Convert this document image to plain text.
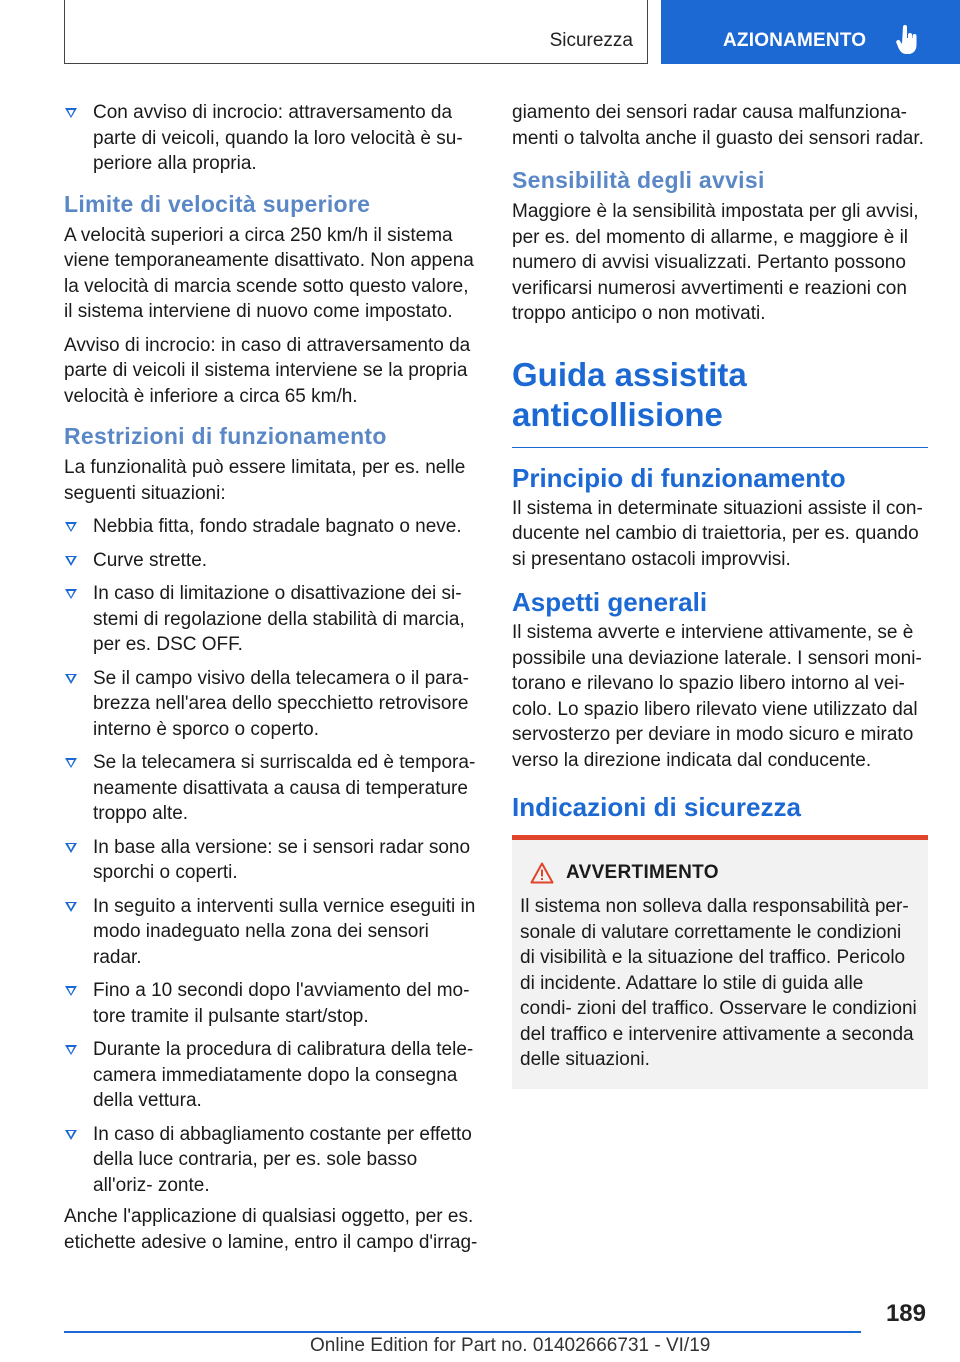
Sicurezza	AZIONAMENTO
Con avviso di incrocio: attraversamento da parte di veicoli, quando la loro velocità è su- periore alla propria.
Limite di velocità superiore

A velocità superiori a circa 250 km/h il sistema viene temporaneamente disattivato. Non appena la velocità di marcia scende sotto questo valore, il sistema interviene di nuovo come impostato.

Avviso di incrocio: in caso di attraversamento da parte di veicoli il sistema interviene se la propria velocità è inferiore a circa 65 km/h.

Restrizioni di funzionamento

La funzionalità può essere limitata, per es. nelle seguenti situazioni:

Nebbia fitta, fondo stradale bagnato o neve.
Curve strette.
In caso di limitazione o disattivazione dei si- stemi di regolazione della stabilità di marcia, per es. DSC OFF.
Se il campo visivo della telecamera o il para- brezza nell'area dello specchietto retrovisore interno è sporco o coperto.
Se la telecamera si surriscalda ed è tempora- neamente disattivata a causa di temperature troppo alte.
In base alla versione: se i sensori radar sono sporchi o coperti.
In seguito a interventi sulla vernice eseguiti in modo inadeguato nella zona dei sensori radar.
Fino a 10 secondi dopo l'avviamento del mo- tore tramite il pulsante start/stop.
Durante la procedura di calibratura della tele- camera immediatamente dopo la consegna della vettura.
In caso di abbagliamento costante per effetto della luce contraria, per es. sole basso all'oriz- zonte.

Anche l'applicazione di qualsiasi oggetto, per es. etichette adesive o lamine, entro il campo d'irrag-

giamento dei sensori radar causa malfunziona- menti o talvolta anche il guasto dei sensori radar.

Sensibilità degli avvisi

Maggiore è la sensibilità impostata per gli avvisi, per es. del momento di allarme, e maggiore è il numero di avvisi visualizzati. Pertanto possono verificarsi numerosi avvertimenti e reazioni con troppo anticipo o non motivati.

Guida assistita anticollisione
Principio di funzionamento

Il sistema in determinate situazioni assiste il con- ducente nel cambio di traiettoria, per es. quando si presentano ostacoli improvvisi.

Aspetti generali

Il sistema avverte e interviene attivamente, se è possibile una deviazione laterale. I sensori moni- torano e rilevano lo spazio libero intorno al vei- colo. Lo spazio libero rilevato viene utilizzato dal servosterzo per deviare in modo sicuro e mirato verso la direzione indicata dal conducente.

Indicazioni di sicurezza
AVVERTIMENTO

Il sistema non solleva dalla responsabilità per- sonale di valutare correttamente le condizioni di visibilità e la situazione del traffico. Pericolo di incidente. Adattare lo stile di guida alle condi- zioni del traffico. Osservare le condizioni del traffico e intervenire attivamente a seconda delle situazioni.

189
Online Edition for Part no. 01402666731 - VI/19
